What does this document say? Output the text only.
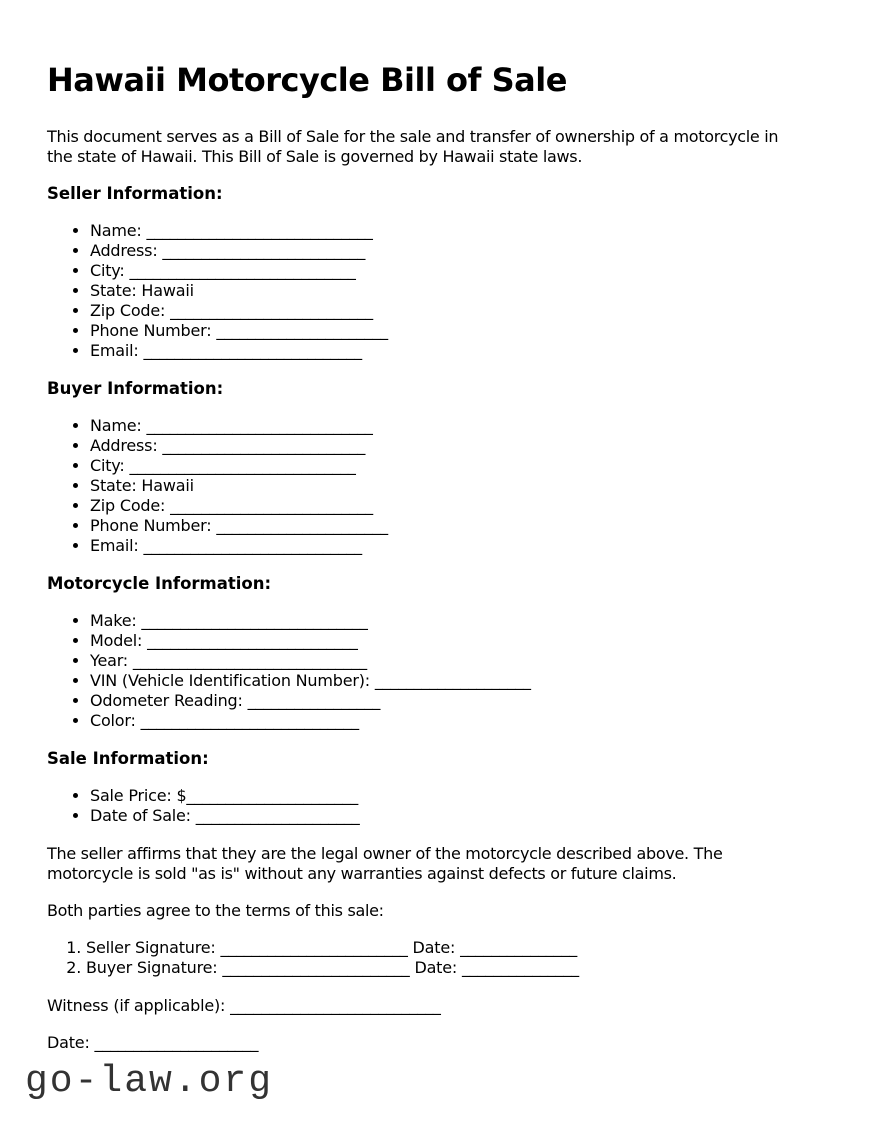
Hawaii Motorcycle Bill of Sale

This document serves as a Bill of Sale for the sale and transfer of ownership of a motorcycle in the state of Hawaii. This Bill of Sale is governed by Hawaii state laws.

Seller Information:
• Name: _____________________________
• Address: __________________________
• City: _____________________________
• State: Hawaii
• Zip Code: __________________________
• Phone Number: ______________________
• Email: ____________________________
Buyer Information:
• Name: _____________________________
• Address: __________________________
• City: _____________________________
• State: Hawaii
• Zip Code: __________________________
• Phone Number: ______________________
• Email: ____________________________
Motorcycle Information:
• Make: _____________________________
• Model: ___________________________
• Year: ______________________________
• VIN (Vehicle Identification Number): ____________________
• Odometer Reading: _________________
• Color: ____________________________
Sale Information:
• Sale Price: $______________________
• Date of Sale: _____________________

The seller affirms that they are the legal owner of the motorcycle described above. The motorcycle is sold "as is" without any warranties against defects or future claims.

Both parties agree to the terms of this sale:

1. Seller Signature: ________________________ Date: _______________
2. Buyer Signature: ________________________ Date: _______________

Witness (if applicable): ___________________________

Date: _____________________

go-law.org
